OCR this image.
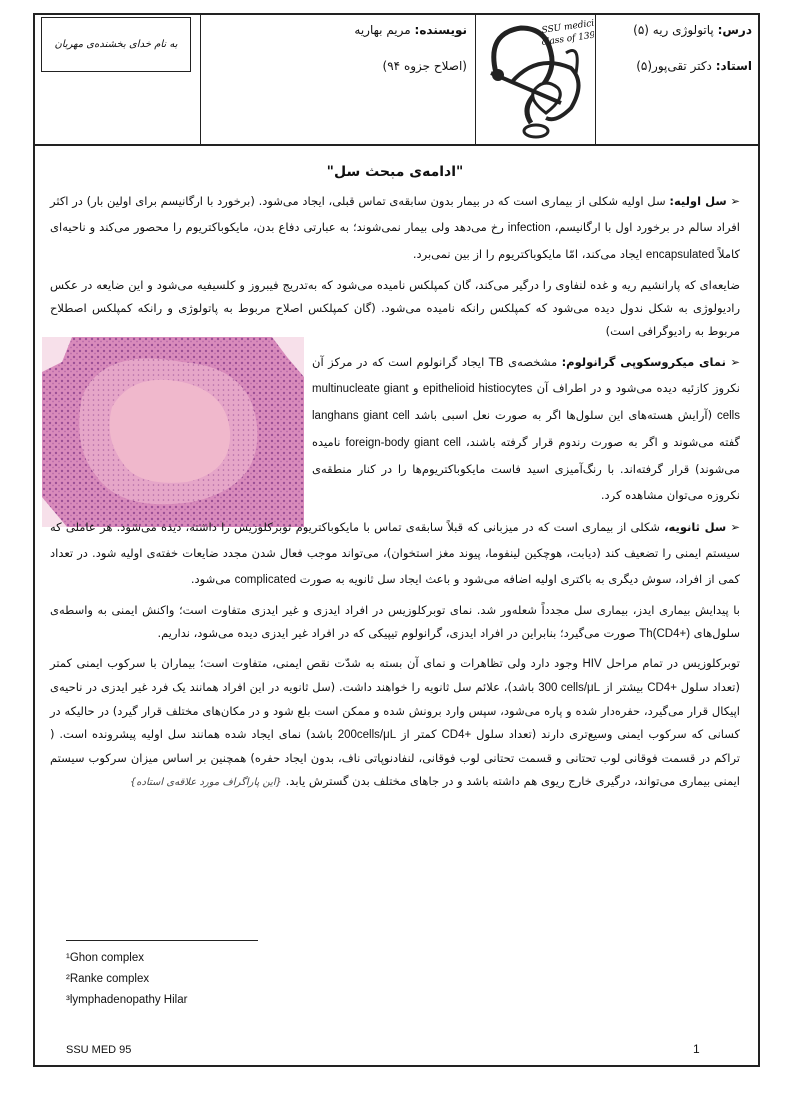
درس: پاتولوژی ریه (۵)
استاد: دکتر تقی‌پور(۵)
SSU medicine
class of 1395
نویسنده: مریم بهاریه
(اصلاح جزوه ۹۴)
به نام خدای بخشنده‌ی مهربان
"ادامه‌ی مبحث سل"

➢ سل اولیه: سل اولیه شکلی از بیماری است که در بیمار بدون سابقه‌ی تماس قبلی، ایجاد می‌شود. (برخورد با ارگانیسم برای اولین بار) در اکثر افراد سالم در برخورد اول با ارگانیسم، infection رخ می‌دهد ولی بیمار نمی‌شوند؛ به عبارتی دفاع بدن، مایکوباکتریوم را محصور می‌کند و ناحیه‌ای کاملاً encapsulated ایجاد می‌کند، امّا مایکوباکتریوم را از بین نمی‌برد.

ضایعه‌ای که پارانشیم ریه و غده لنفاوی را درگیر می‌کند، گان کمپلکس نامیده می‌شود که به‌تدریج فیبروز و کلسیفیه می‌شود و این ضایعه در عکس رادیولوژی به شکل ندول دیده می‌شود که کمپلکس رانکه نامیده می‌شود. (گان کمپلکس اصلاح مربوط به پاتولوژی و رانکه کمپلکس اصطلاح مربوط به رادیوگرافی است)

➢ نمای میکروسکوپی گرانولوم: مشخصه‌ی TB ایجاد گرانولوم است که در مرکز آن نکروز کازئیه دیده می‌شود و در اطراف آن epithelioid histiocytes و multinucleate giant cells (آرایش هسته‌های این سلول‌ها اگر به صورت نعل اسبی باشد langhans giant cell گفته می‌شوند و اگر به صورت رندوم قرار گرفته باشند، foreign-body giant cell نامیده می‌شوند) قرار گرفته‌اند. با رنگ‌آمیزی اسید فاست مایکوباکتریوم‌ها را در کنار منطقه‌ی نکروزه می‌توان مشاهده کرد.

➢ سل ثانویه، شکلی از بیماری است که در میزبانی که قبلاً سابقه‌ی تماس با مایکوباکتریوم توبرکلوزیس را داشته، دیده می‌شود. هر عاملی که سیستم ایمنی را تضعیف کند (دیابت، هوچکین لینفوما، پیوند مغز استخوان)، می‌تواند موجب فعال شدن مجدد ضایعات خفته‌ی اولیه شود. در تعداد کمی از افراد، سوش دیگری به باکتری اولیه اضافه می‌شود و باعث ایجاد سل ثانویه به صورت complicated می‌شود.

با پیدایش بیماری ایدز، بیماری سل مجدداً شعله‌ور شد. نمای توبرکلوزیس در افراد ایدزی و غیر ایدزی متفاوت است؛ واکنش ایمنی به واسطه‌ی سلول‌های Th(CD4+) صورت می‌گیرد؛ بنابراین در افراد ایدزی، گرانولوم تیپیکی که در افراد غیر ایدزی دیده می‌شود، نداریم.

توبرکلوزیس در تمام مراحل HIV وجود دارد ولی تظاهرات و نمای آن بسته به شدّت نقص ایمنی، متفاوت است؛ بیماران با سرکوب ایمنی کمتر (تعداد سلول CD4+ بیشتر از 300 cells/μL باشد)، علائم سل ثانویه را خواهند داشت. (سل ثانویه در این افراد همانند یک فرد غیر ایدزی در ناحیه‌ی اپیکال قرار می‌گیرد، حفره‌دار شده و پاره می‌شود، سپس وارد برونش شده و ممکن است بلع شود و در مکان‌های مختلف قرار گیرد) در حالیکه در کسانی که سرکوب ایمنی وسیع‌تری دارند (تعداد سلول CD4+ کمتر از 200cells/μL باشد) نمای ایجاد شده همانند سل اولیه پیشرونده است. ( تراکم در قسمت فوقانی لوب تحتانی و قسمت تحتانی لوب فوقانی، لنفادنوپاتی ناف، بدون ایجاد حفره) همچنین بر اساس میزان سرکوب سیستم ایمنی بیماری می‌تواند، درگیری خارج ریوی هم داشته باشد و در جاهای مختلف بدن گسترش یابد. {این پاراگراف مورد علاقه‌ی استاده}

¹Ghon complex
²Ranke complex
³lymphadenopathy Hilar
SSU MED 95	1
